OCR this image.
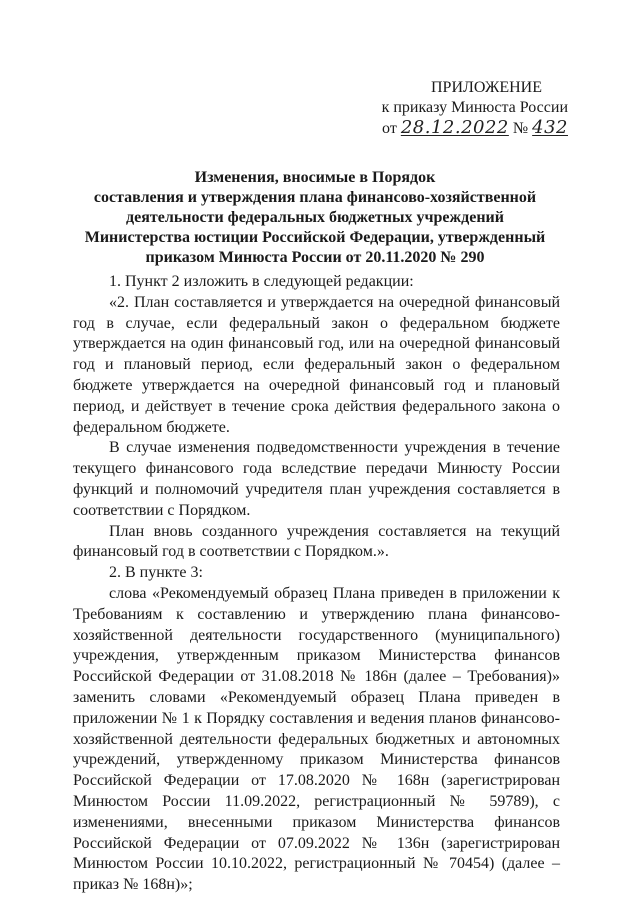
ПРИЛОЖЕНИЕ
к приказу Минюста России
от 28.12.2022 № 432
Изменения, вносимые в Порядок
составления и утверждения плана финансово-хозяйственной
деятельности федеральных бюджетных учреждений
Министерства юстиции Российской Федерации, утвержденный
приказом Минюста России от 20.11.2020 № 290

1. Пункт 2 изложить в следующей редакции:

«2. План составляется и утверждается на очередной финансовый год в случае, если федеральный закон о федеральном бюджете утверждается на один финансовый год, или на очередной финансовый год и плановый период, если федеральный закон о федеральном бюджете утверждается на очередной финансовый год и плановый период, и действует в течение срока действия федерального закона о федеральном бюджете.

В случае изменения подведомственности учреждения в течение текущего финансового года вследствие передачи Минюсту России функций и полномочий учредителя план учреждения составляется в соответствии с Порядком.

План вновь созданного учреждения составляется на текущий финансовый год в соответствии с Порядком.».

2. В пункте 3:

слова «Рекомендуемый образец Плана приведен в приложении к Требованиям к составлению и утверждению плана финансово-хозяйственной деятельности государственного (муниципального) учреждения, утвержденным приказом Министерства финансов Российской Федерации от 31.08.2018 № 186н (далее – Требования)» заменить словами «Рекомендуемый образец Плана приведен в приложении № 1 к Порядку составления и ведения планов финансово-хозяйственной деятельности федеральных бюджетных и автономных учреждений, утвержденному приказом Министерства финансов Российской Федерации от 17.08.2020 № 168н (зарегистрирован Минюстом России 11.09.2022, регистрационный № 59789), с изменениями, внесенными приказом Министерства финансов Российской Федерации от 07.09.2022 № 136н (зарегистрирован Минюстом России 10.10.2022, регистрационный № 70454) (далее – приказ № 168н)»;
